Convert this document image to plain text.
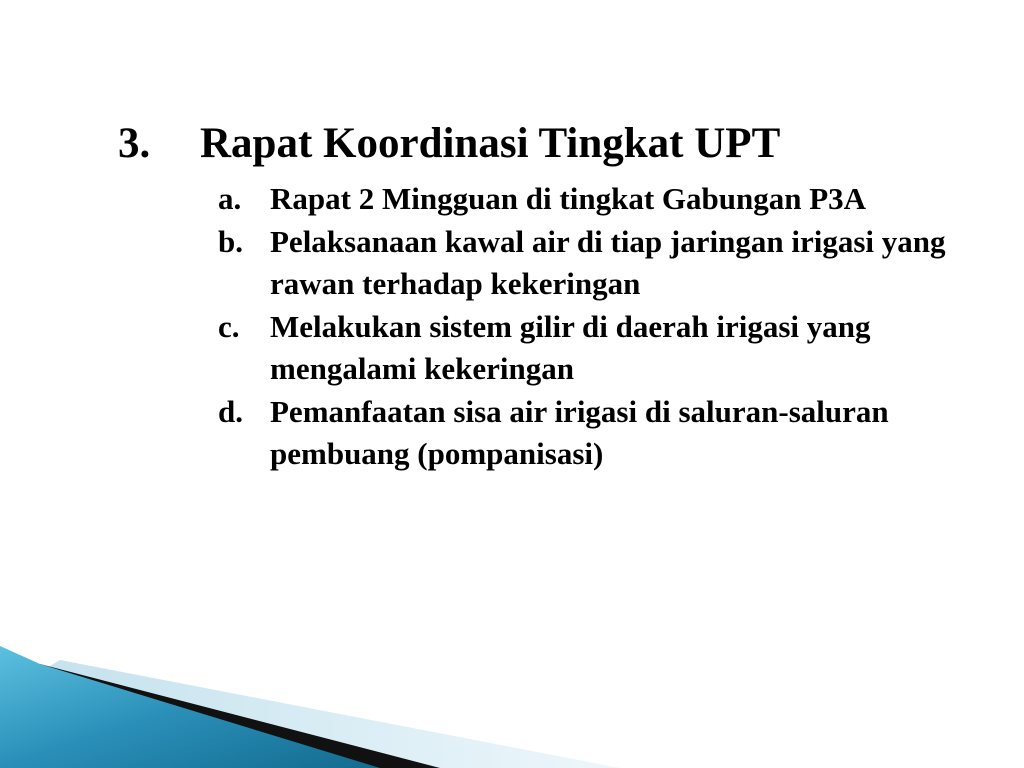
3. Rapat Koordinasi Tingkat UPT
a. Rapat 2 Mingguan di tingkat Gabungan P3A
b. Pelaksanaan kawal air di tiap jaringan irigasi yang rawan terhadap kekeringan
c. Melakukan sistem gilir di daerah irigasi yang mengalami kekeringan
d. Pemanfaatan sisa air irigasi di saluran-saluran pembuang (pompanisasi)
